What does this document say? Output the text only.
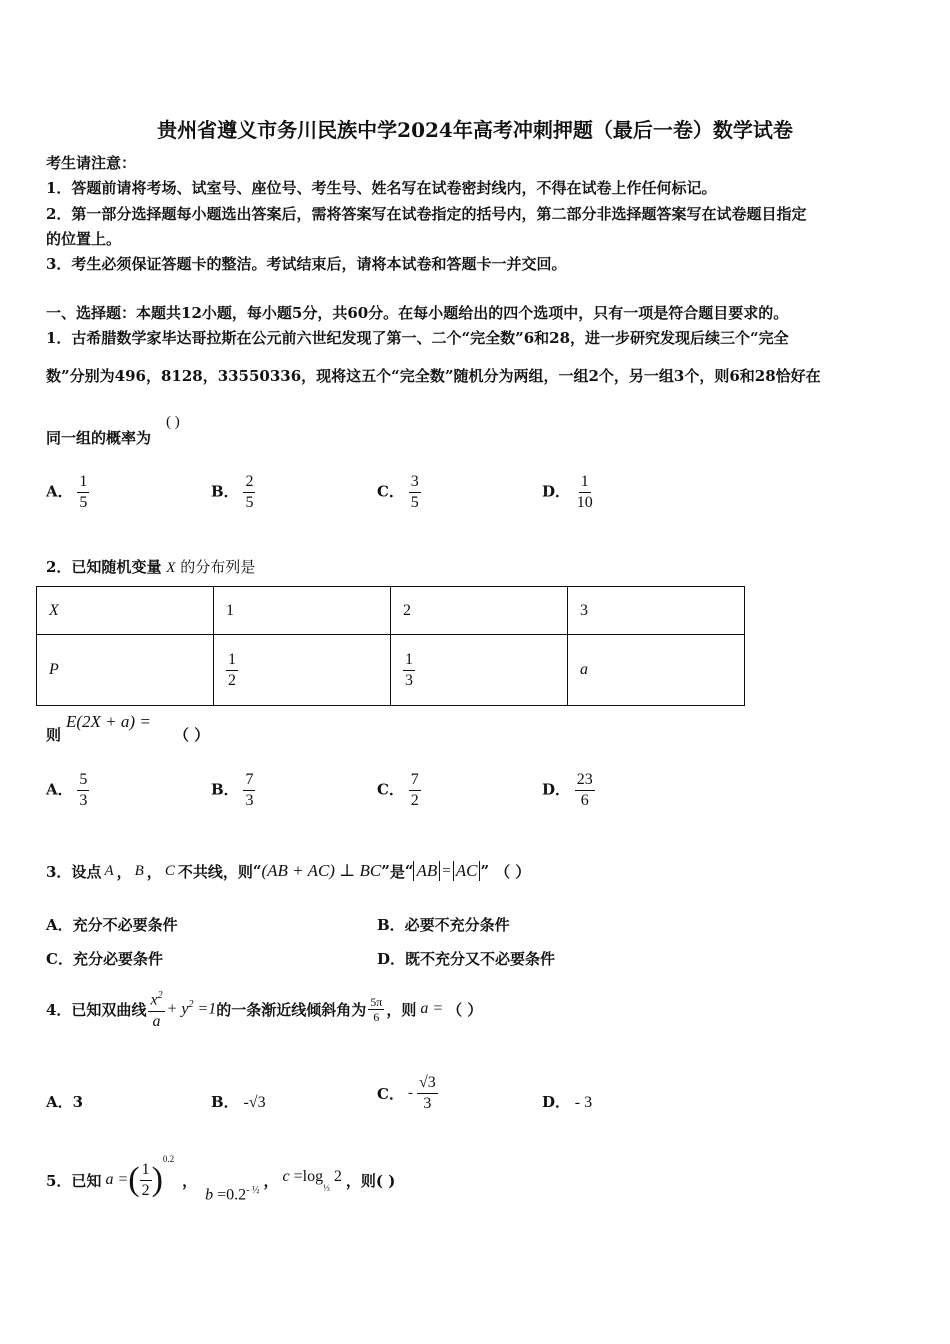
贵州省遵义市务川民族中学2024年高考冲刺押题（最后一卷）数学试卷
考生请注意：
1．答题前请将考场、试室号、座位号、考生号、姓名写在试卷密封线内，不得在试卷上作任何标记。
2．第一部分选择题每小题选出答案后，需将答案写在试卷指定的括号内，第二部分非选择题答案写在试卷题目指定
的位置上。
3．考生必须保证答题卡的整洁。考试结束后，请将本试卷和答题卡一并交回。
一、选择题：本题共12小题，每小题5分，共60分。在每小题给出的四个选项中，只有一项是符合题目要求的。
1．古希腊数学家毕达哥拉斯在公元前六世纪发现了第一、二个“完全数”6和28，进一步研究发现后续三个“完全
数”分别为496，8128，33550336，现将这五个“完全数”随机分为两组，一组2个，另一组3个，则6和28恰好在
同一组的概率为
( )
A． $\frac{1}{5}$	B． $\frac{2}{5}$	C． $\frac{3}{5}$	D． $\frac{1}{10}$
2．已知随机变量 X 的分布列是
X	1	2	3
P	$\frac{1}{2}$	$\frac{1}{3}$	a
则
E(2X + a) =
（ ）
A． $\frac{5}{3}$	B． $\frac{7}{3}$	C． $\frac{7}{2}$	D． $\frac{23}{6}$
3．设点 A ， B ， C 不共线，则 “ (AB + AC) ⊥ BC ” 是 “ AB = AC ” （ ）
A．充分不必要条件	B．必要不充分条件
C．充分必要条件	D．既不充分又不必要条件
4．已知双曲线 $\frac{x^2}{a} + y^2 =1$ 的一条渐近线倾斜角为 $\frac{5\pi}{6}$ ，则 a = （ ）
A．3	B． -√3	C． - $\frac{√3}{3}$	D． - 3
5．已知 a = ( $\frac{1}{2}$ )
0.2
，
$b =0.2^{- \frac{1}{2}}$
， $c =\log_{\frac{1}{3}}$ 2 ，则( )
